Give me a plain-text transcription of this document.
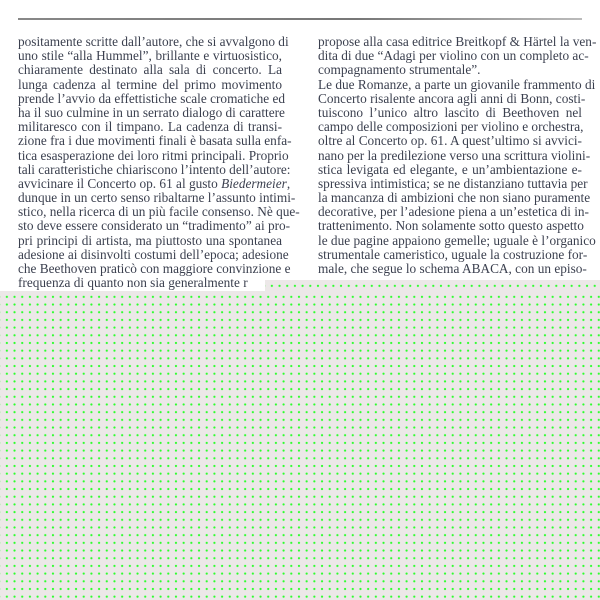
positamente scritte dall’autore, che si avvalgono di
uno stile “alla Hummel”, brillante e virtuosistico,
chiaramente destinato alla sala di concerto. La
lunga cadenza al termine del primo movimento
prende l’avvio da effettistiche scale cromatiche ed
ha il suo culmine in un serrato dialogo di carattere
militaresco con il timpano. La cadenza di transi-
zione fra i due movimenti finali è basata sulla enfa-
tica esasperazione dei loro ritmi principali. Proprio
tali caratteristiche chiariscono l’intento dell’autore:
avvicinare il Concerto op. 61 al gusto Biedermeier,
dunque in un certo senso ribaltarne l’assunto intimi-
stico, nella ricerca di un più facile consenso. Nè que-
sto deve essere considerato un “tradimento” ai pro-
pri principi di artista, ma piuttosto una spontanea
adesione ai disinvolti costumi dell’epoca; adesione
che Beethoven praticò con maggiore convinzione e
frequenza di quanto non sia generalmente r
propose alla casa editrice Breitkopf & Härtel la ven-
dita di due “Adagi per violino con un completo ac-
compagnamento strumentale”.
Le due Romanze, a parte un giovanile frammento di
Concerto risalente ancora agli anni di Bonn, costi-
tuiscono l’unico altro lascito di Beethoven nel
campo delle composizioni per violino e orchestra,
oltre al Concerto op. 61. A quest’ultimo si avvici-
nano per la predilezione verso una scrittura violini-
stica levigata ed elegante, e un’ambientazione e-
spressiva intimistica; se ne distanziano tuttavia per
la mancanza di ambizioni che non siano puramente
decorative, per l’adesione piena a un’estetica di in-
trattenimento. Non solamente sotto questo aspetto
le due pagine appaiono gemelle; uguale è l’organico
strumentale cameristico, uguale la costruzione for-
male, che segue lo schema ABACA, con un episo-
